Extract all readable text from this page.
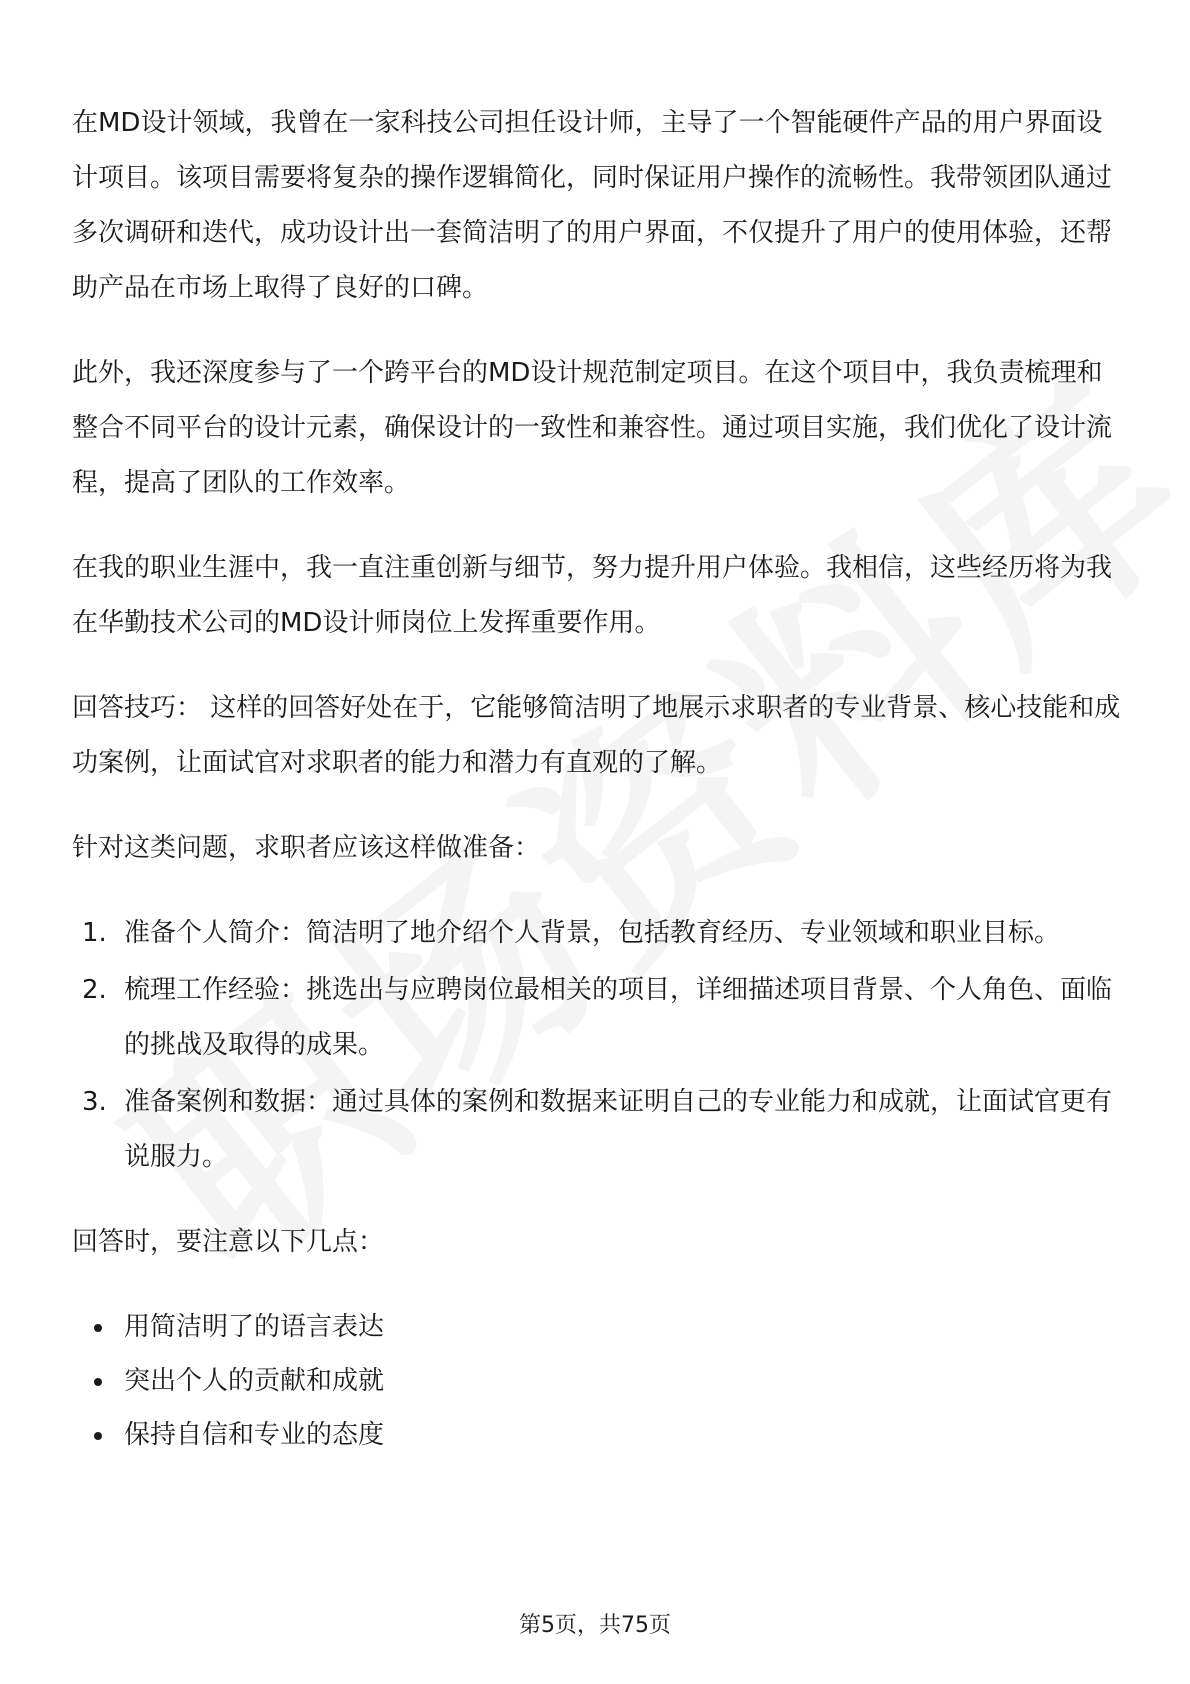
在MD设计领域，我曾在一家科技公司担任设计师，主导了一个智能硬件产品的用户界面设计项目。该项目需要将复杂的操作逻辑简化，同时保证用户操作的流畅性。我带领团队通过多次调研和迭代，成功设计出一套简洁明了的用户界面，不仅提升了用户的使用体验，还帮助产品在市场上取得了良好的口碑。

此外，我还深度参与了一个跨平台的MD设计规范制定项目。在这个项目中，我负责梳理和整合不同平台的设计元素，确保设计的一致性和兼容性。通过项目实施，我们优化了设计流程，提高了团队的工作效率。

在我的职业生涯中，我一直注重创新与细节，努力提升用户体验。我相信，这些经历将为我在华勤技术公司的MD设计师岗位上发挥重要作用。

回答技巧： 这样的回答好处在于，它能够简洁明了地展示求职者的专业背景、核心技能和成功案例，让面试官对求职者的能力和潜力有直观的了解。

针对这类问题，求职者应该这样做准备：

1. 准备个人简介：简洁明了地介绍个人背景，包括教育经历、专业领域和职业目标。
2. 梳理工作经验：挑选出与应聘岗位最相关的项目，详细描述项目背景、个人角色、面临的挑战及取得的成果。
3. 准备案例和数据：通过具体的案例和数据来证明自己的专业能力和成就，让面试官更有说服力。

回答时，要注意以下几点：

用简洁明了的语言表达
突出个人的贡献和成就
保持自信和专业的态度
第5页，共75页
